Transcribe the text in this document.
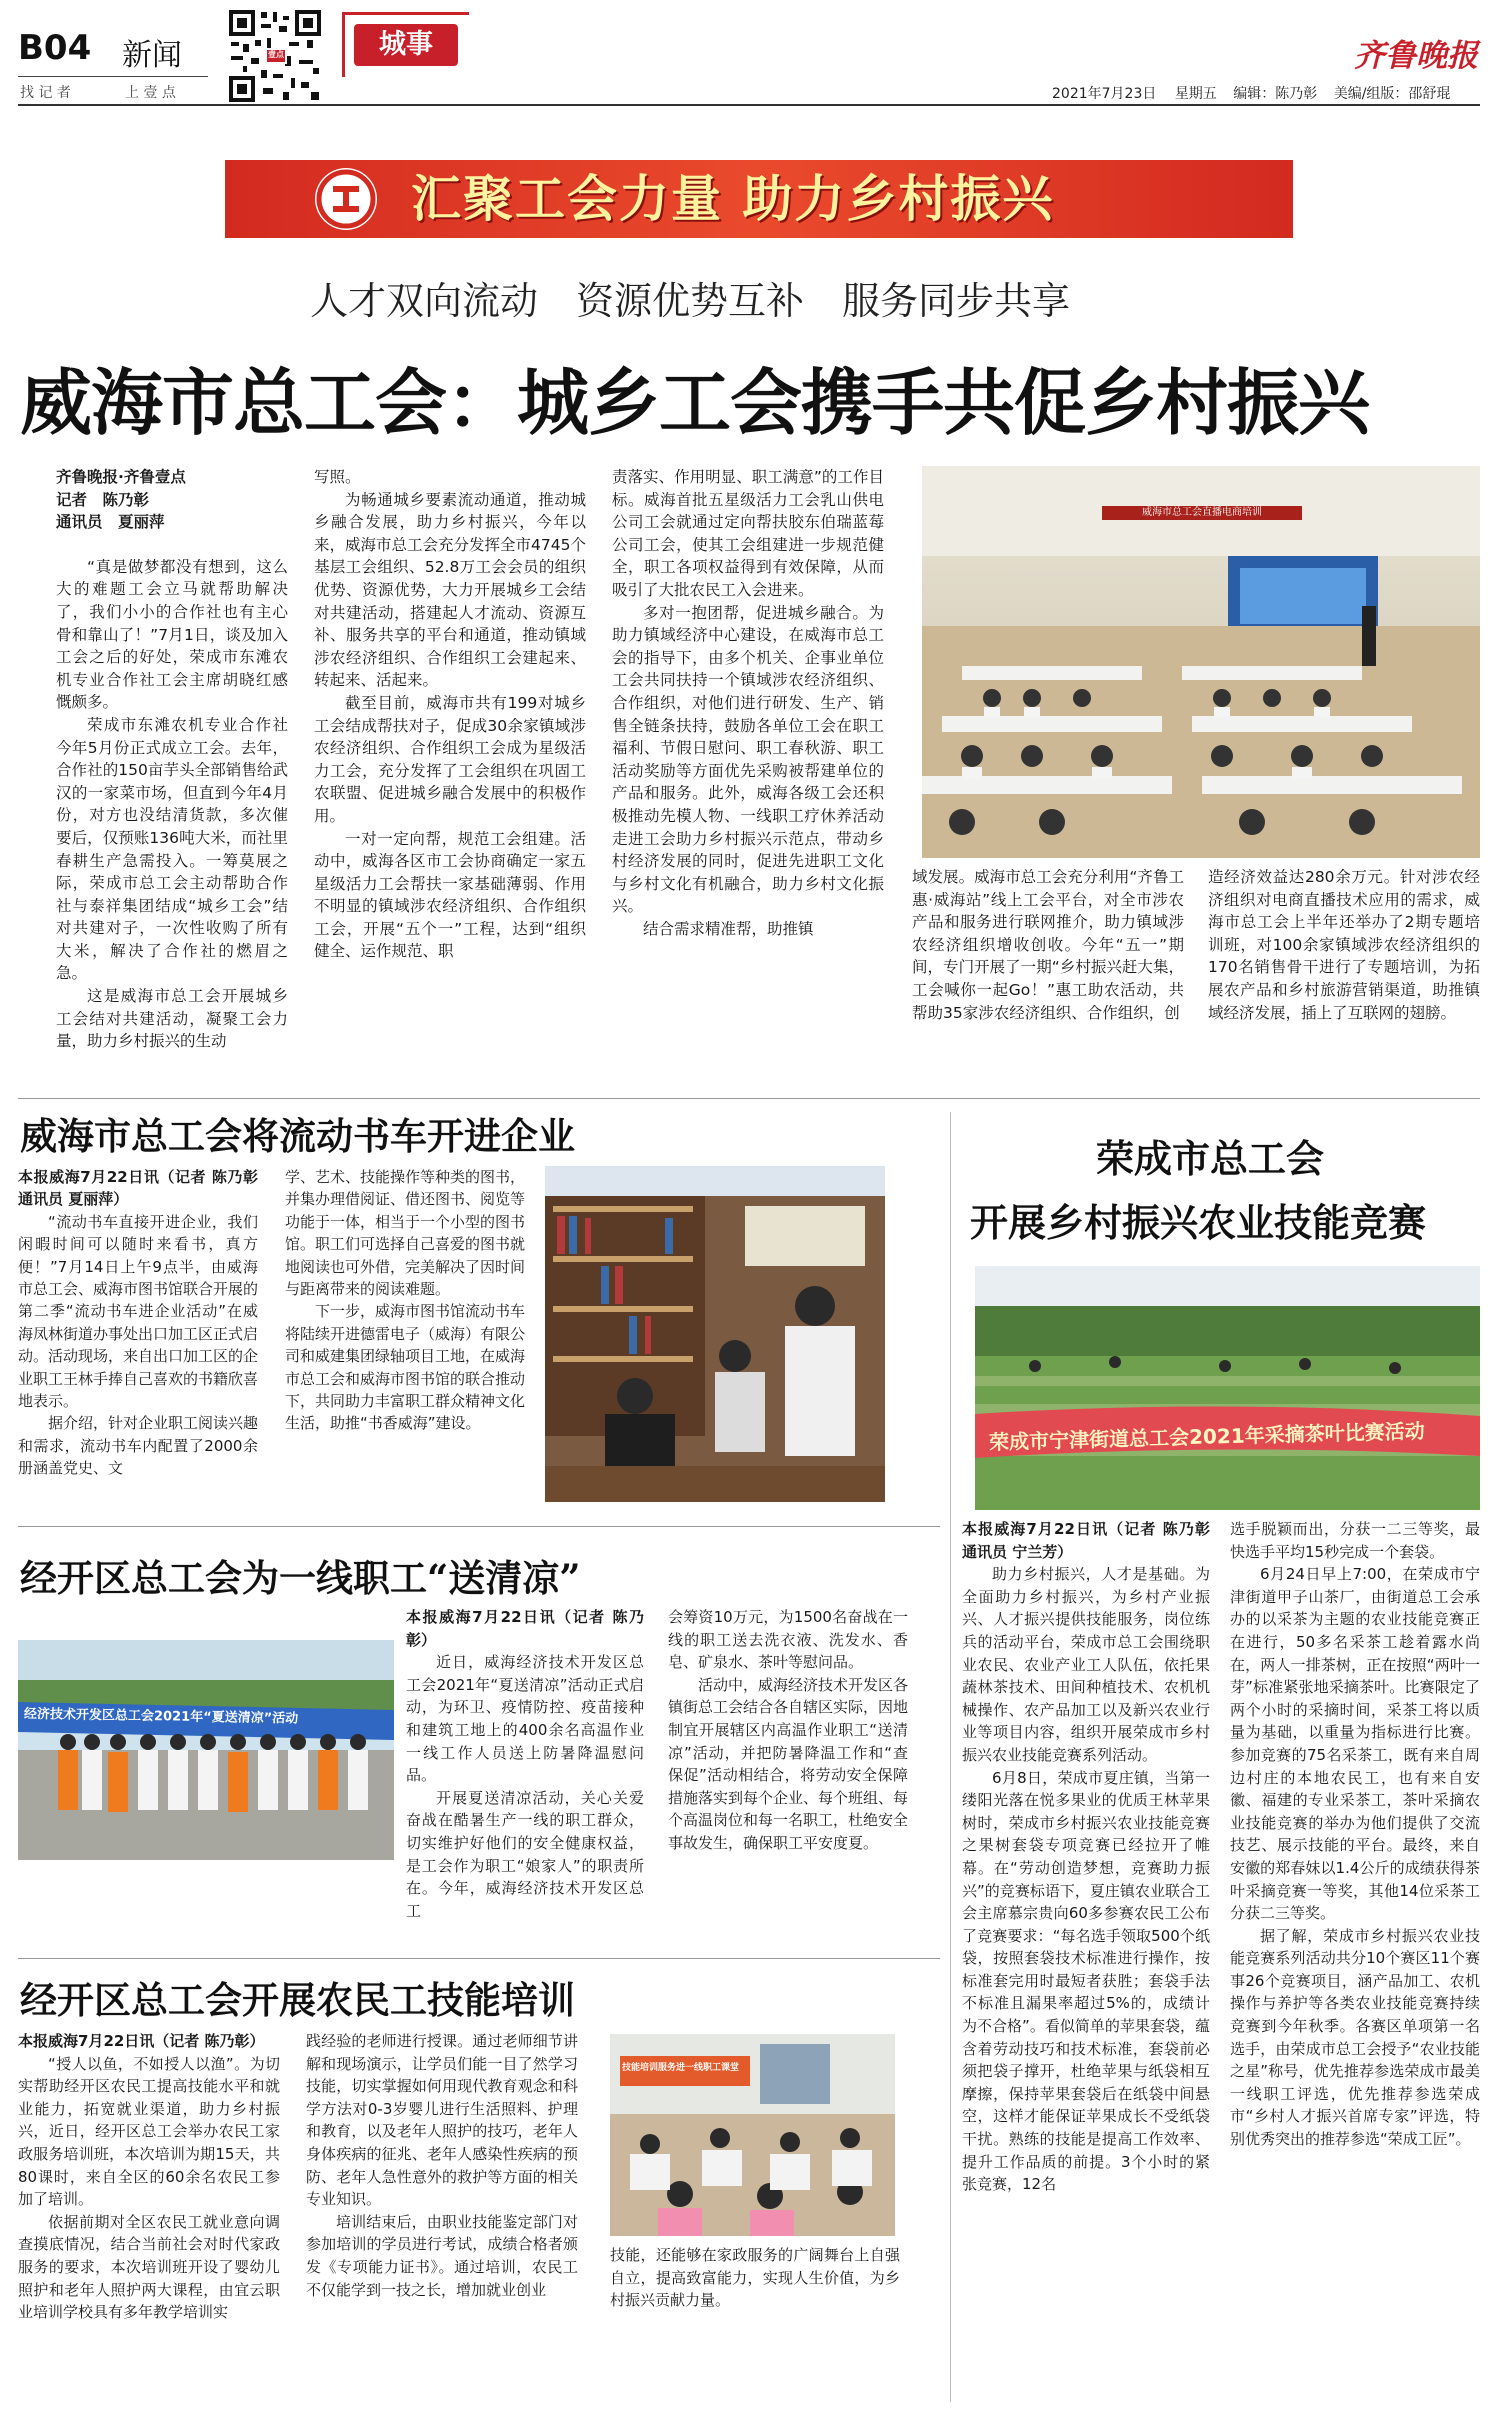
B04 新闻
找 记 者	上 壹 点
壹点	城事	齐鲁晚报
2021年7月23日 星期五 编辑：陈乃彰 美编/组版：邵舒琨
汇聚工会力量 助力乡村振兴
人才双向流动　资源优势互补　服务同步共享
威海市总工会：城乡工会携手共促乡村振兴

齐鲁晚报·齐鲁壹点

记者　陈乃彰

通讯员　夏丽萍

“真是做梦都没有想到，这么大的难题工会立马就帮助解决了，我们小小的合作社也有主心骨和靠山了！”7月1日，谈及加入工会之后的好处，荣成市东滩农机专业合作社工会主席胡晓红感慨颇多。

荣成市东滩农机专业合作社今年5月份正式成立工会。去年，合作社的150亩芋头全部销售给武汉的一家菜市场，但直到今年4月份，对方也没结清货款，多次催要后，仅预账136吨大米，而社里春耕生产急需投入。一筹莫展之际，荣成市总工会主动帮助合作社与泰祥集团结成“城乡工会”结对共建对子，一次性收购了所有大米，解决了合作社的燃眉之急。

这是威海市总工会开展城乡工会结对共建活动，凝聚工会力量，助力乡村振兴的生动

写照。

为畅通城乡要素流动通道，推动城乡融合发展，助力乡村振兴，今年以来，威海市总工会充分发挥全市4745个基层工会组织、52.8万工会会员的组织优势、资源优势，大力开展城乡工会结对共建活动，搭建起人才流动、资源互补、服务共享的平台和通道，推动镇域涉农经济组织、合作组织工会建起来、转起来、活起来。

截至目前，威海市共有199对城乡工会结成帮扶对子，促成30余家镇域涉农经济组织、合作组织工会成为星级活力工会，充分发挥了工会组织在巩固工农联盟、促进城乡融合发展中的积极作用。

一对一定向帮，规范工会组建。活动中，威海各区市工会协商确定一家五星级活力工会帮扶一家基础薄弱、作用不明显的镇域涉农经济组织、合作组织工会，开展“五个一”工程，达到“组织健全、运作规范、职

责落实、作用明显、职工满意”的工作目标。威海首批五星级活力工会乳山供电公司工会就通过定向帮扶胶东伯瑞蓝莓公司工会，使其工会组建进一步规范健全，职工各项权益得到有效保障，从而吸引了大批农民工入会进来。

多对一抱团帮，促进城乡融合。为助力镇域经济中心建设，在威海市总工会的指导下，由多个机关、企事业单位工会共同扶持一个镇域涉农经济组织、合作组织，对他们进行研发、生产、销售全链条扶持，鼓励各单位工会在职工福利、节假日慰问、职工春秋游、职工活动奖励等方面优先采购被帮建单位的产品和服务。此外，威海各级工会还积极推动先模人物、一线职工疗休养活动走进工会助力乡村振兴示范点，带动乡村经济发展的同时，促进先进职工文化与乡村文化有机融合，助力乡村文化振兴。

结合需求精准帮，助推镇

威海市总工会直播电商培训

域发展。威海市总工会充分利用“齐鲁工惠·威海站”线上工会平台，对全市涉农产品和服务进行联网推介，助力镇域涉农经济组织增收创收。今年“五一”期间，专门开展了一期“乡村振兴赶大集，工会喊你一起Go！”惠工助农活动，共帮助35家涉农经济组织、合作组织，创

造经济效益达280余万元。针对涉农经济组织对电商直播技术应用的需求，威海市总工会上半年还举办了2期专题培训班，对100余家镇域涉农经济组织的170名销售骨干进行了专题培训，为拓展农产品和乡村旅游营销渠道，助推镇域经济发展，插上了互联网的翅膀。

威海市总工会将流动书车开进企业

本报威海7月22日讯（记者 陈乃彰 通讯员 夏丽萍）

“流动书车直接开进企业，我们闲暇时间可以随时来看书，真方便！”7月14日上午9点半，由威海市总工会、威海市图书馆联合开展的第二季“流动书车进企业活动”在威海凤林街道办事处出口加工区正式启动。活动现场，来自出口加工区的企业职工王林手捧自己喜欢的书籍欣喜地表示。

据介绍，针对企业职工阅读兴趣和需求，流动书车内配置了2000余册涵盖党史、文

学、艺术、技能操作等种类的图书，并集办理借阅证、借还图书、阅览等功能于一体，相当于一个小型的图书馆。职工们可选择自己喜爱的图书就地阅读也可外借，完美解决了因时间与距离带来的阅读难题。

下一步，威海市图书馆流动书车将陆续开进德雷电子（威海）有限公司和威建集团绿轴项目工地，在威海市总工会和威海市图书馆的联合推动下，共同助力丰富职工群众精神文化生活，助推“书香威海”建设。

荣成市总工会
开展乡村振兴农业技能竞赛
荣成市宁津街道总工会2021年采摘茶叶比赛活动

本报威海7月22日讯（记者 陈乃彰 通讯员 宁兰芳）

助力乡村振兴，人才是基础。为全面助力乡村振兴，为乡村产业振兴、人才振兴提供技能服务，岗位练兵的活动平台，荣成市总工会围绕职业农民、农业产业工人队伍，依托果蔬林茶技术、田间种植技术、农机机械操作、农产品加工以及新兴农业行业等项目内容，组织开展荣成市乡村振兴农业技能竞赛系列活动。

6月8日，荣成市夏庄镇，当第一缕阳光落在悦多果业的优质王林苹果树时，荣成市乡村振兴农业技能竞赛之果树套袋专项竞赛已经拉开了帷幕。在“劳动创造梦想，竞赛助力振兴”的竞赛标语下，夏庄镇农业联合工会主席慕宗贵向60多参赛农民工公布了竞赛要求：“每名选手领取500个纸袋，按照套袋技术标准进行操作，按标准套完用时最短者获胜；套袋手法不标准且漏果率超过5%的，成绩计为不合格”。看似简单的苹果套袋，蕴含着劳动技巧和技术标准，套袋前必须把袋子撑开，杜绝苹果与纸袋相互摩擦，保持苹果套袋后在纸袋中间悬空，这样才能保证苹果成长不受纸袋干扰。熟练的技能是提高工作效率、提升工作品质的前提。3个小时的紧张竞赛，12名

选手脱颖而出，分获一二三等奖，最快选手平均15秒完成一个套袋。

6月24日早上7:00，在荣成市宁津街道甲子山茶厂，由街道总工会承办的以采茶为主题的农业技能竞赛正在进行，50多名采茶工趁着露水尚在，两人一排茶树，正在按照“两叶一芽”标准紧张地采摘茶叶。比赛限定了两个小时的采摘时间，采茶工将以质量为基础，以重量为指标进行比赛。参加竞赛的75名采茶工，既有来自周边村庄的本地农民工，也有来自安徽、福建的专业采茶工，茶叶采摘农业技能竞赛的举办为他们提供了交流技艺、展示技能的平台。最终，来自安徽的郑春妹以1.4公斤的成绩获得茶叶采摘竞赛一等奖，其他14位采茶工分获二三等奖。

据了解，荣成市乡村振兴农业技能竞赛系列活动共分10个赛区11个赛事26个竞赛项目，涵产品加工、农机操作与养护等各类农业技能竞赛持续竞赛到今年秋季。各赛区单项第一名选手，由荣成市总工会授予“农业技能之星”称号，优先推荐参选荣成市最美一线职工评选，优先推荐参选荣成市“乡村人才振兴首席专家”评选，特别优秀突出的推荐参选“荣成工匠”。

经开区总工会为一线职工“送清凉”
经济技术开发区总工会2021年“夏送清凉”活动

本报威海7月22日讯（记者 陈乃彰）

近日，威海经济技术开发区总工会2021年“夏送清凉”活动正式启动，为环卫、疫情防控、疫苗接种和建筑工地上的400余名高温作业一线工作人员送上防暑降温慰问品。

开展夏送清凉活动，关心关爱奋战在酷暑生产一线的职工群众，切实维护好他们的安全健康权益，是工会作为职工“娘家人”的职责所在。今年，威海经济技术开发区总工

会筹资10万元，为1500名奋战在一线的职工送去洗衣液、洗发水、香皂、矿泉水、茶叶等慰问品。

活动中，威海经济技术开发区各镇街总工会结合各自辖区实际，因地制宜开展辖区内高温作业职工“送清凉”活动，并把防暑降温工作和“查保促”活动相结合，将劳动安全保障措施落实到每个企业、每个班组、每个高温岗位和每一名职工，杜绝安全事故发生，确保职工平安度夏。

经开区总工会开展农民工技能培训

本报威海7月22日讯（记者 陈乃彰）

“授人以鱼，不如授人以渔”。为切实帮助经开区农民工提高技能水平和就业能力，拓宽就业渠道，助力乡村振兴，近日，经开区总工会举办农民工家政服务培训班，本次培训为期15天，共80课时，来自全区的60余名农民工参加了培训。

依据前期对全区农民工就业意向调查摸底情况，结合当前社会对时代家政服务的要求，本次培训班开设了婴幼儿照护和老年人照护两大课程，由宜云职业培训学校具有多年教学培训实

践经验的老师进行授课。通过老师细节讲解和现场演示，让学员们能一目了然学习技能，切实掌握如何用现代教育观念和科学方法对0-3岁婴儿进行生活照料、护理和教育，以及老年人照护的技巧，老年人身体疾病的征兆、老年人感染性疾病的预防、老年人急性意外的救护等方面的相关专业知识。

培训结束后，由职业技能鉴定部门对参加培训的学员进行考试，成绩合格者颁发《专项能力证书》。通过培训，农民工不仅能学到一技之长，增加就业创业

技能培训服务进一线职工课堂

技能，还能够在家政服务的广阔舞台上自强自立，提高致富能力，实现人生价值，为乡村振兴贡献力量。
